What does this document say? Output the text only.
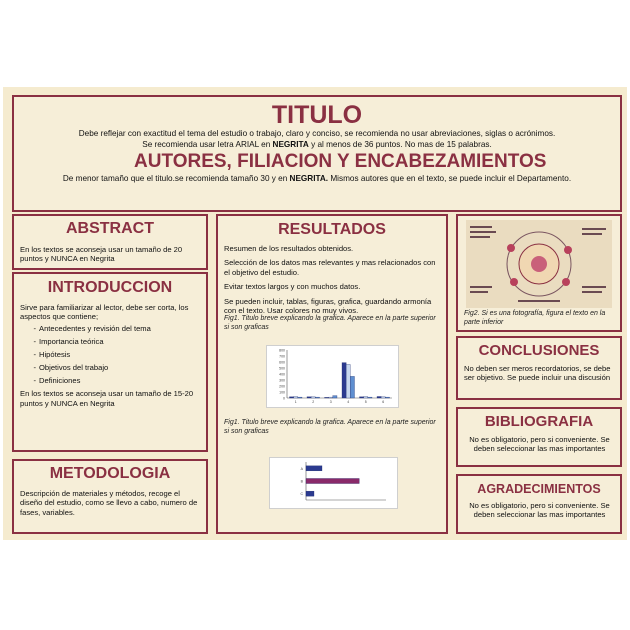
TITULO

Debe reflejar con exactitud el tema del estudio o trabajo, claro y conciso, se recomienda no usar abreviaciones, siglas o acrónimos.
Se recomienda usar letra ARIAL en NEGRITA y al menos de 36 puntos. No mas de 15 palabras.

AUTORES, FILIACION Y ENCABEZAMIENTOS

De menor tamaño que el titulo.se recomienda tamaño 30 y en NEGRITA. Mismos autores que en el texto, se puede incluir el Departamento.

ABSTRACT

En los textos se aconseja usar un tamaño de 20 puntos y NUNCA en Negrita

INTRODUCCION

Sirve para familiarizar al lector, debe ser corta, los aspectos que contiene;

- Antecedentes y revisión del tema
- Importancia teórica
- Hipótesis
- Objetivos del trabajo
- Definiciones

En los textos se aconseja usar un tamaño de 15-20 puntos y NUNCA en Negrita

METODOLOGIA

Descripción de materiales y métodos, recoge el diseño del estudio, como se llevo a cabo, numero de fases, variables.

RESULTADOS

Resumen de los resultados obtenidos.

Selección de los datos mas relevantes y mas relacionados con el objetivo del estudio.

Evitar textos largos y con muchos datos.

Se pueden incluir, tablas, figuras, grafica, guardando armonía con el texto. Usar colores no muy vivos.

Fig1. Titulo breve explicando la grafica. Aparece en la parte superior si son graficas

Fig1. Titulo breve explicando la grafica. Aparece en la parte superior si son graficas

0
100
200
300
400
500
600
700
800
1	2	3	4	5	6
A
B
C

Fig2. Si es una fotografía, figura el texto en la parte inferior

CONCLUSIONES

No deben ser meros recordatorios, se debe ser objetivo. Se puede incluir una discusión

BIBLIOGRAFIA

No es obligatorio, pero si conveniente. Se deben seleccionar las mas importantes

AGRADECIMIENTOS

No es obligatorio, pero si conveniente. Se deben seleccionar las mas importantes
